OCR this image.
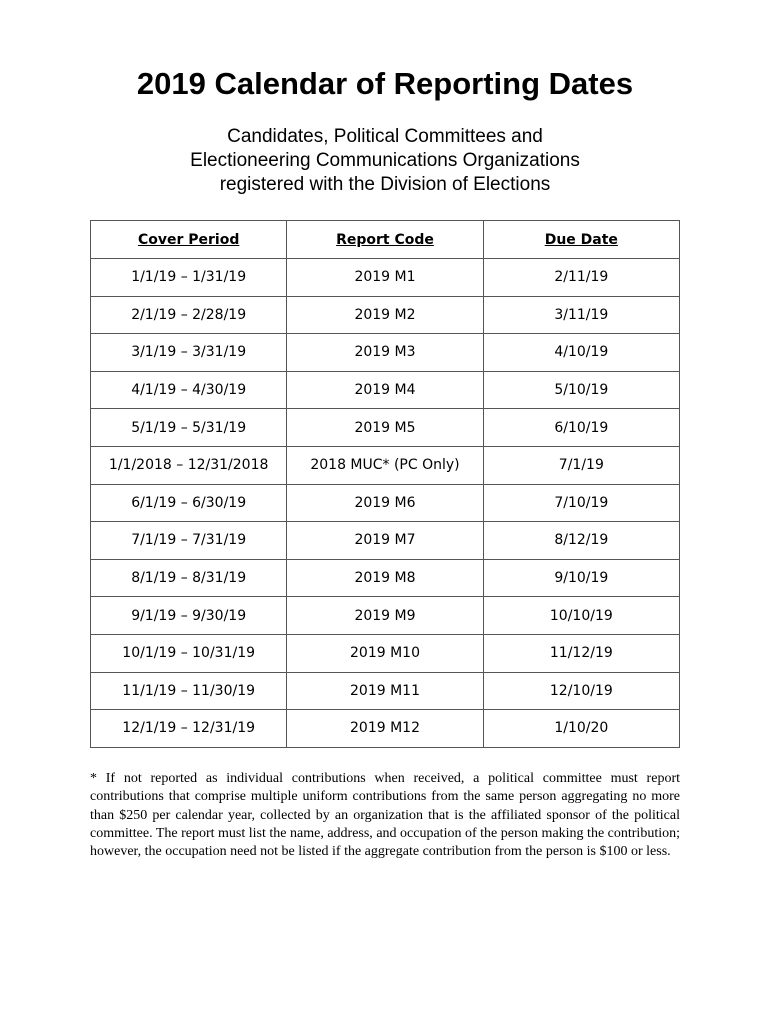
2019 Calendar of Reporting Dates
Candidates, Political Committees and
Electioneering Communications Organizations
registered with the Division of Elections
Cover Period	Report Code	Due Date
1/1/19 – 1/31/19	2019 M1	2/11/19
2/1/19 – 2/28/19	2019 M2	3/11/19
3/1/19 – 3/31/19	2019 M3	4/10/19
4/1/19 – 4/30/19	2019 M4	5/10/19
5/1/19 – 5/31/19	2019 M5	6/10/19
1/1/2018 – 12/31/2018	2018 MUC* (PC Only)	7/1/19
6/1/19 – 6/30/19	2019 M6	7/10/19
7/1/19 – 7/31/19	2019 M7	8/12/19
8/1/19 – 8/31/19	2019 M8	9/10/19
9/1/19 – 9/30/19	2019 M9	10/10/19
10/1/19 – 10/31/19	2019 M10	11/12/19
11/1/19 – 11/30/19	2019 M11	12/10/19
12/1/19 – 12/31/19	2019 M12	1/10/20
* If not reported as individual contributions when received, a political committee must report contributions that comprise multiple uniform contributions from the same person aggregating no more than $250 per calendar year, collected by an organization that is the affiliated sponsor of the political committee. The report must list the name, address, and occupation of the person making the contribution; however, the occupation need not be listed if the aggregate contribution from the person is $100 or less.
